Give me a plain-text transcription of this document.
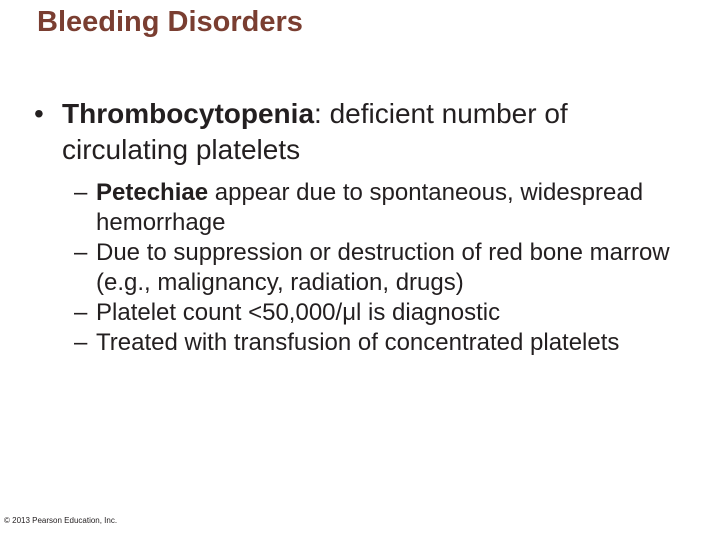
Bleeding Disorders
• Thrombocytopenia: deficient number of circulating platelets
– Petechiae appear due to spontaneous, widespread hemorrhage
– Due to suppression or destruction of red bone marrow (e.g., malignancy, radiation, drugs)
– Platelet count <50,000/μl is diagnostic
– Treated with transfusion of concentrated platelets
© 2013 Pearson Education, Inc.
